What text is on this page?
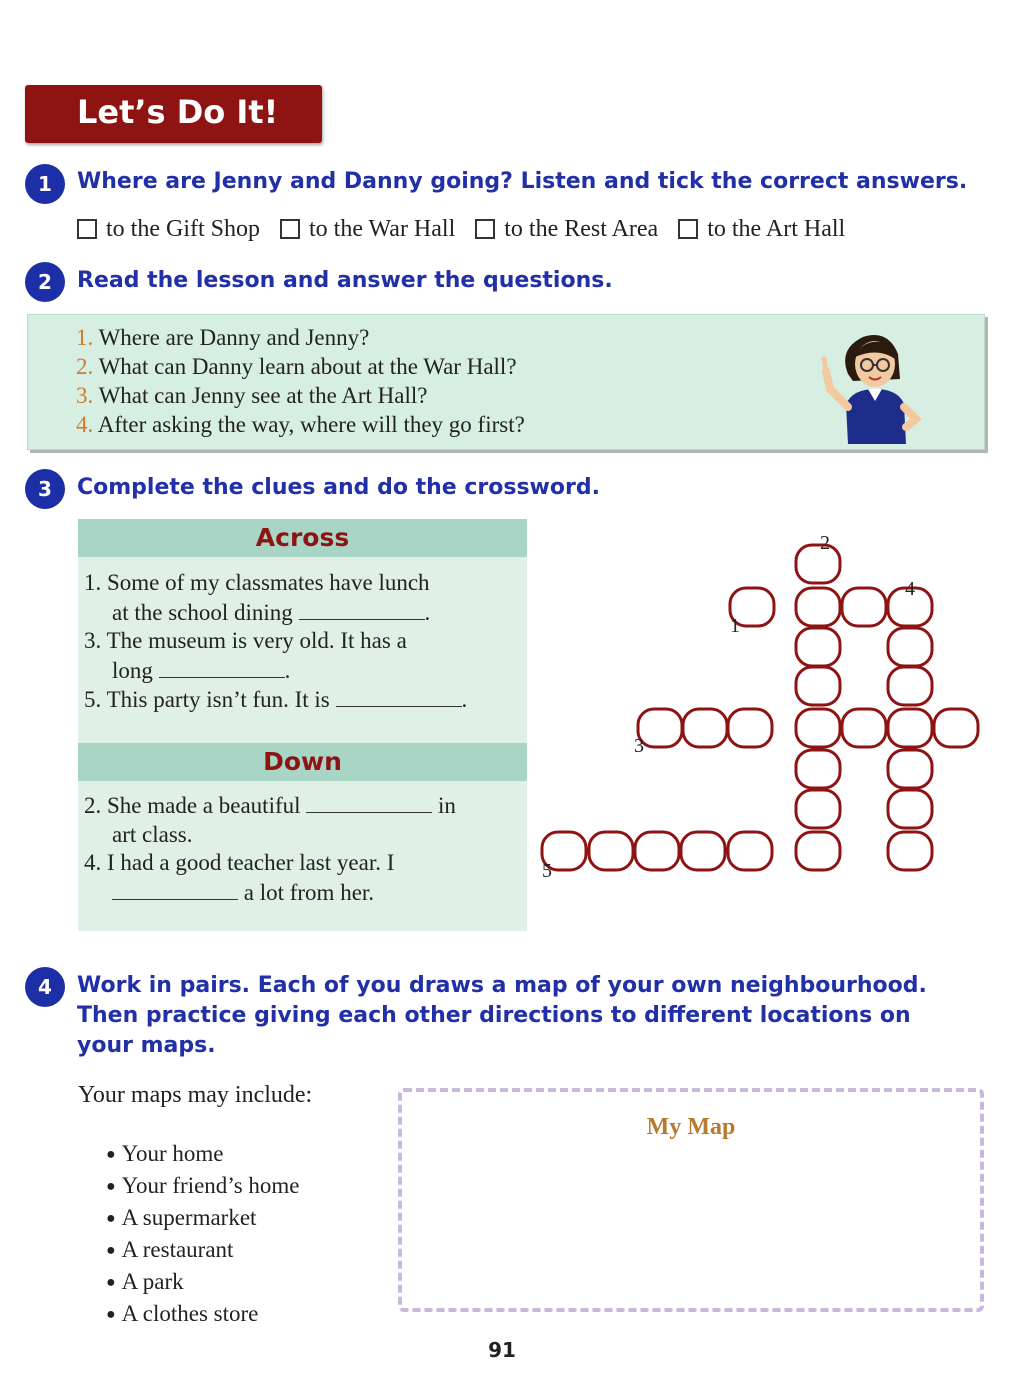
Let’s Do It!
1	Where are Jenny and Danny going? Listen and tick the correct answers.

to the Gift Shop to the War Hall to the Rest Area to the Art Hall
2	Read the lesson and answer the questions.

1. Where are Danny and Jenny?
2. What can Danny learn about at the War Hall?
3. What can Jenny see at the Art Hall?
4. After asking the way, where will they go first?
3	Complete the clues and do the crossword.

Across
1. Some of my classmates have lunch
at the school dining	.
3. The museum is very old. It has a
long	.
5. This party isn’t fun. It is	.
Down
2. She made a beautiful	in
art class.
4. I had a good teacher last year. I
a lot from her.
2
4
1
3
5
4	Work in pairs. Each of you draws a map of your own neighbourhood.
Then practice giving each other directions to different locations on
your maps.
Your maps may include:
● Your home
● Your friend’s home
● A supermarket
● A restaurant
● A park
● A clothes store
My Map
91
